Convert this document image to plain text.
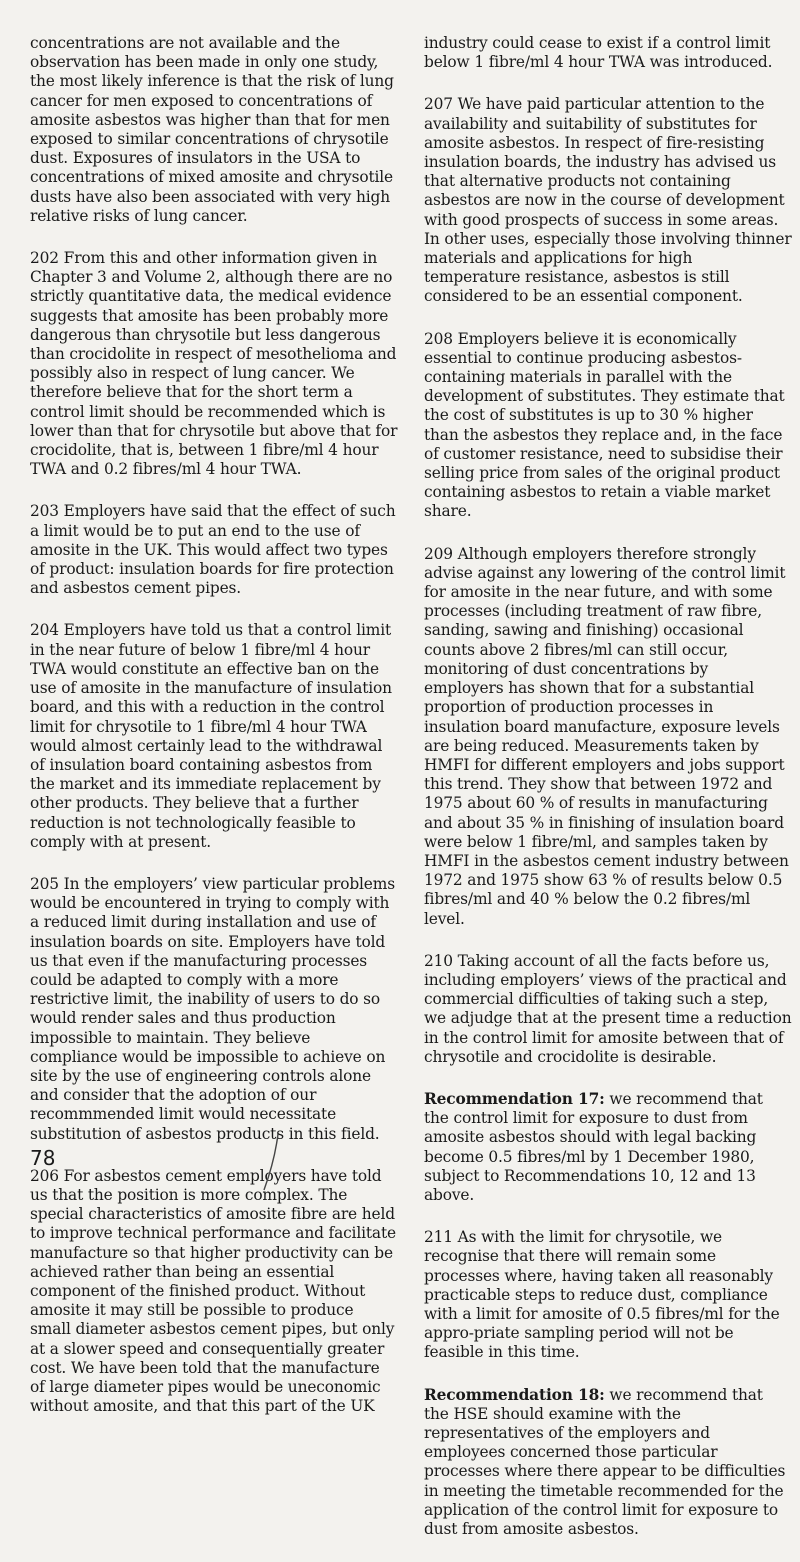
concentrations are not available and the observation has been made in only one study, the most likely inference is that the risk of lung cancer for men exposed to concentrations of amosite asbestos was higher than that for men exposed to similar concentrations of chrysotile dust. Exposures of insulators in the USA to concentrations of mixed amosite and chrysotile dusts have also been associated with very high relative risks of lung cancer.

202 From this and other information given in Chapter 3 and Volume 2, although there are no strictly quantitative data, the medical evidence suggests that amosite has been probably more dangerous than chrysotile but less dangerous than crocidolite in respect of mesothelioma and possibly also in respect of lung cancer. We therefore believe that for the short term a control limit should be recommended which is lower than that for chrysotile but above that for crocidolite, that is, between 1 fibre/ml 4 hour TWA and 0.2 fibres/ml 4 hour TWA.

203 Employers have said that the effect of such a limit would be to put an end to the use of amosite in the UK. This would affect two types of product: insulation boards for fire protection and asbestos cement pipes.

204 Employers have told us that a control limit in the near future of below 1 fibre/ml 4 hour TWA would constitute an effective ban on the use of amosite in the manufacture of insulation board, and this with a reduction in the control limit for chrysotile to 1 fibre/ml 4 hour TWA would almost certainly lead to the withdrawal of insulation board containing asbestos from the market and its immediate replacement by other products. They believe that a further reduction is not technologically feasible to comply with at present.

205 In the employers’ view particular problems would be encountered in trying to comply with a reduced limit during installation and use of insulation boards on site. Employers have told us that even if the manufacturing processes could be adapted to comply with a more restrictive limit, the inability of users to do so would render sales and thus production impossible to maintain. They believe compliance would be impossible to achieve on site by the use of engineering controls alone and consider that the adoption of our recommmended limit would necessitate substitution of asbestos products in this field.

206 For asbestos cement employers have told us that the position is more complex. The special characteristics of amosite fibre are held to improve technical performance and facilitate manufacture so that higher productivity can be achieved rather than being an essential component of the finished product. Without amosite it may still be possible to produce small diameter asbestos cement pipes, but only at a slower speed and consequentially greater cost. We have been told that the manufacture of large diameter pipes would be uneconomic without amosite, and that this part of the UK

industry could cease to exist if a control limit below 1 fibre/ml 4 hour TWA was introduced.

207 We have paid particular attention to the availability and suitability of substitutes for amosite asbestos. In respect of fire-resisting insulation boards, the industry has advised us that alternative products not containing asbestos are now in the course of development with good prospects of success in some areas. In other uses, especially those involving thinner materials and applications for high temperature resistance, asbestos is still considered to be an essential component.

208 Employers believe it is economically essential to continue producing asbestos-containing materials in parallel with the development of substitutes. They estimate that the cost of substitutes is up to 30 % higher than the asbestos they replace and, in the face of customer resistance, need to subsidise their selling price from sales of the original product containing asbestos to retain a viable market share.

209 Although employers therefore strongly advise against any lowering of the control limit for amosite in the near future, and with some processes (including treatment of raw fibre, sanding, sawing and finishing) occasional counts above 2 fibres/ml can still occur, monitoring of dust concentrations by employers has shown that for a substantial proportion of production processes in insulation board manufacture, exposure levels are being reduced. Measurements taken by HMFI for different employers and jobs support this trend. They show that between 1972 and 1975 about 60 % of results in manufacturing and about 35 % in finishing of insulation board were below 1 fibre/ml, and samples taken by HMFI in the asbestos cement industry between 1972 and 1975 show 63 % of results below 0.5 fibres/ml and 40 % below the 0.2 fibres/ml level.

210 Taking account of all the facts before us, including employers’ views of the practical and commercial difficulties of taking such a step, we adjudge that at the present time a reduction in the control limit for amosite between that of chrysotile and crocidolite is desirable.

Recommendation 17: we recommend that the control limit for exposure to dust from amosite asbestos should with legal backing become 0.5 fibres/ml by 1 December 1980, subject to Recommendations 10, 12 and 13 above.

211 As with the limit for chrysotile, we recognise that there will remain some processes where, having taken all reasonably practicable steps to reduce dust, compliance with a limit for amosite of 0.5 fibres/ml for the appro-priate sampling period will not be feasible in this time.

Recommendation 18: we recommend that the HSE should examine with the representatives of the employers and employees concerned those particular processes where there appear to be difficulties in meeting the timetable recommended for the application of the control limit for exposure to dust from amosite asbestos.

78
